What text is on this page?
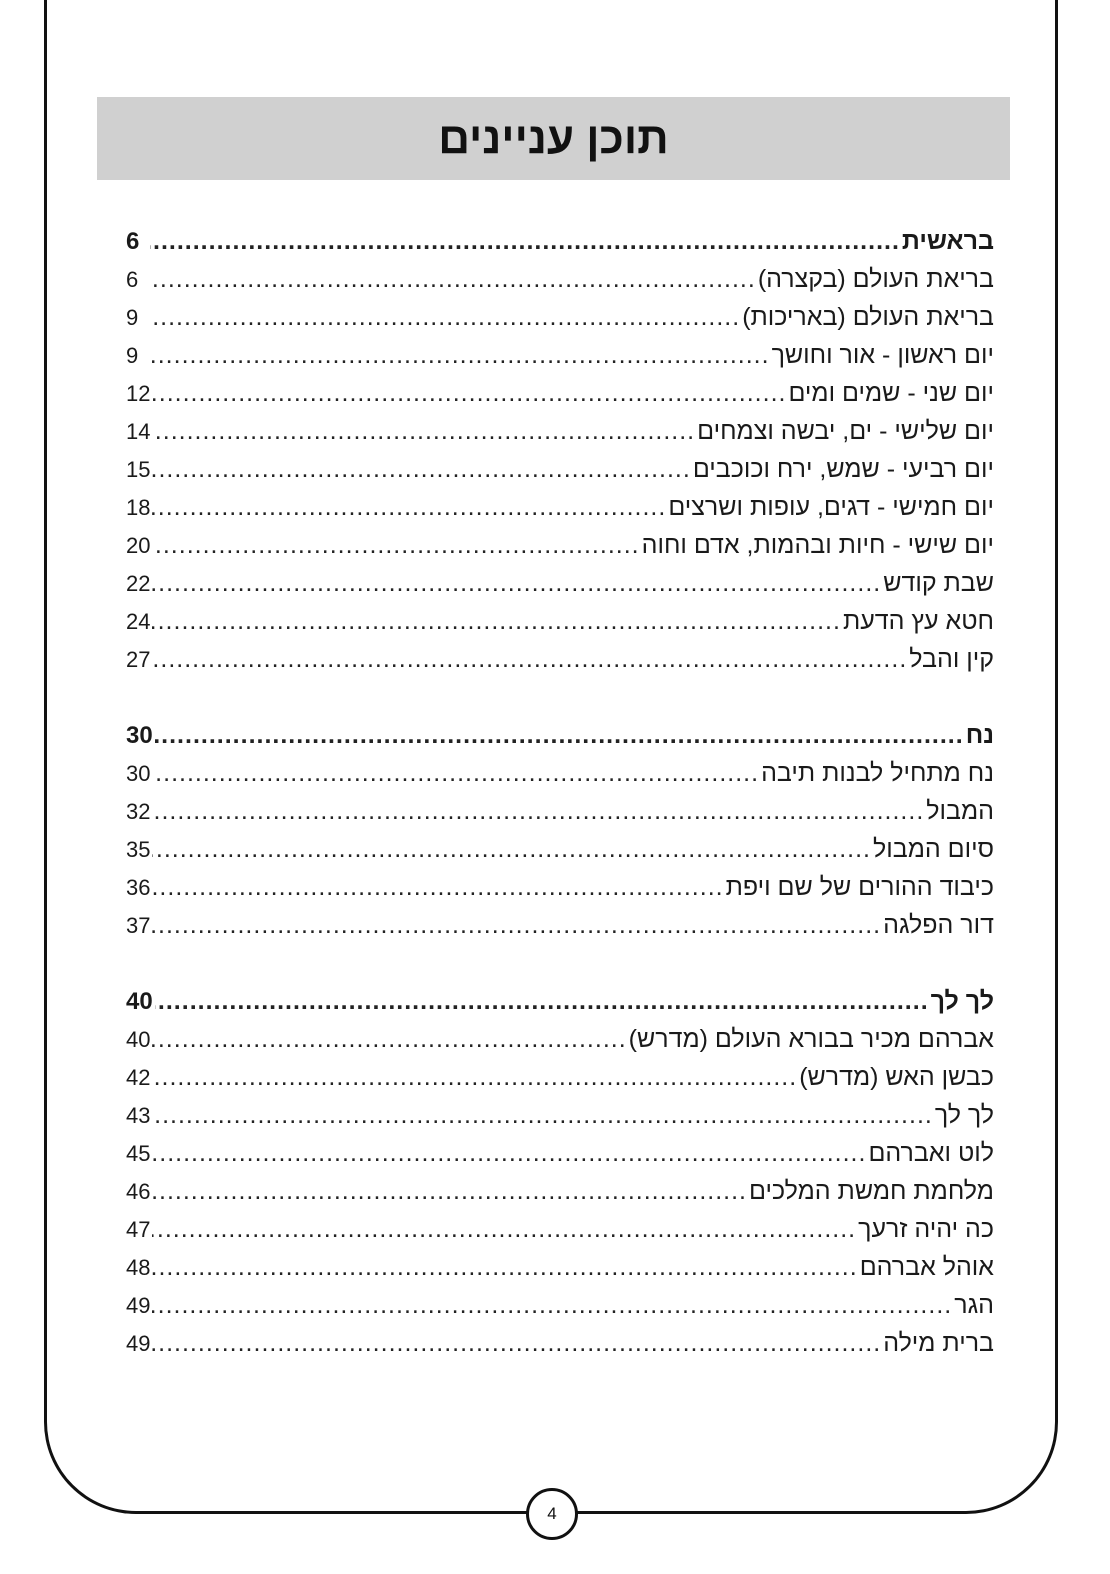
תוכן עניינים
בראשית
.....
6
בריאת העולם (בקצרה)
.....
6
בריאת העולם (באריכות)
.....
9
יום ראשון - אור וחושך
.....
9
יום שני - שמים ומים
.....
12
יום שלישי - ים, יבשה וצמחים
.....
14
יום רביעי - שמש, ירח וכוכבים
.....
15
יום חמישי - דגים, עופות ושרצים
.....
18
יום שישי - חיות ובהמות, אדם וחוה
.....
20
שבת קודש
.....
22
חטא עץ הדעת
.....
24
קין והבל
.....
27
נח
.....
30
נח מתחיל לבנות תיבה
.....
30
המבול
.....
32
סיום המבול
.....
35
כיבוד ההורים של שם ויפת
.....
36
דור הפלגה
.....
37
לך לך
.....
40
אברהם מכיר בבורא העולם (מדרש)
.....
40
כבשן האש (מדרש)
.....
42
לך לך
.....
43
לוט ואברהם
.....
45
מלחמת חמשת המלכים
.....
46
כה יהיה זרעך
.....
47
אוהל אברהם
.....
48
הגר
.....
49
ברית מילה
.....
49
4
